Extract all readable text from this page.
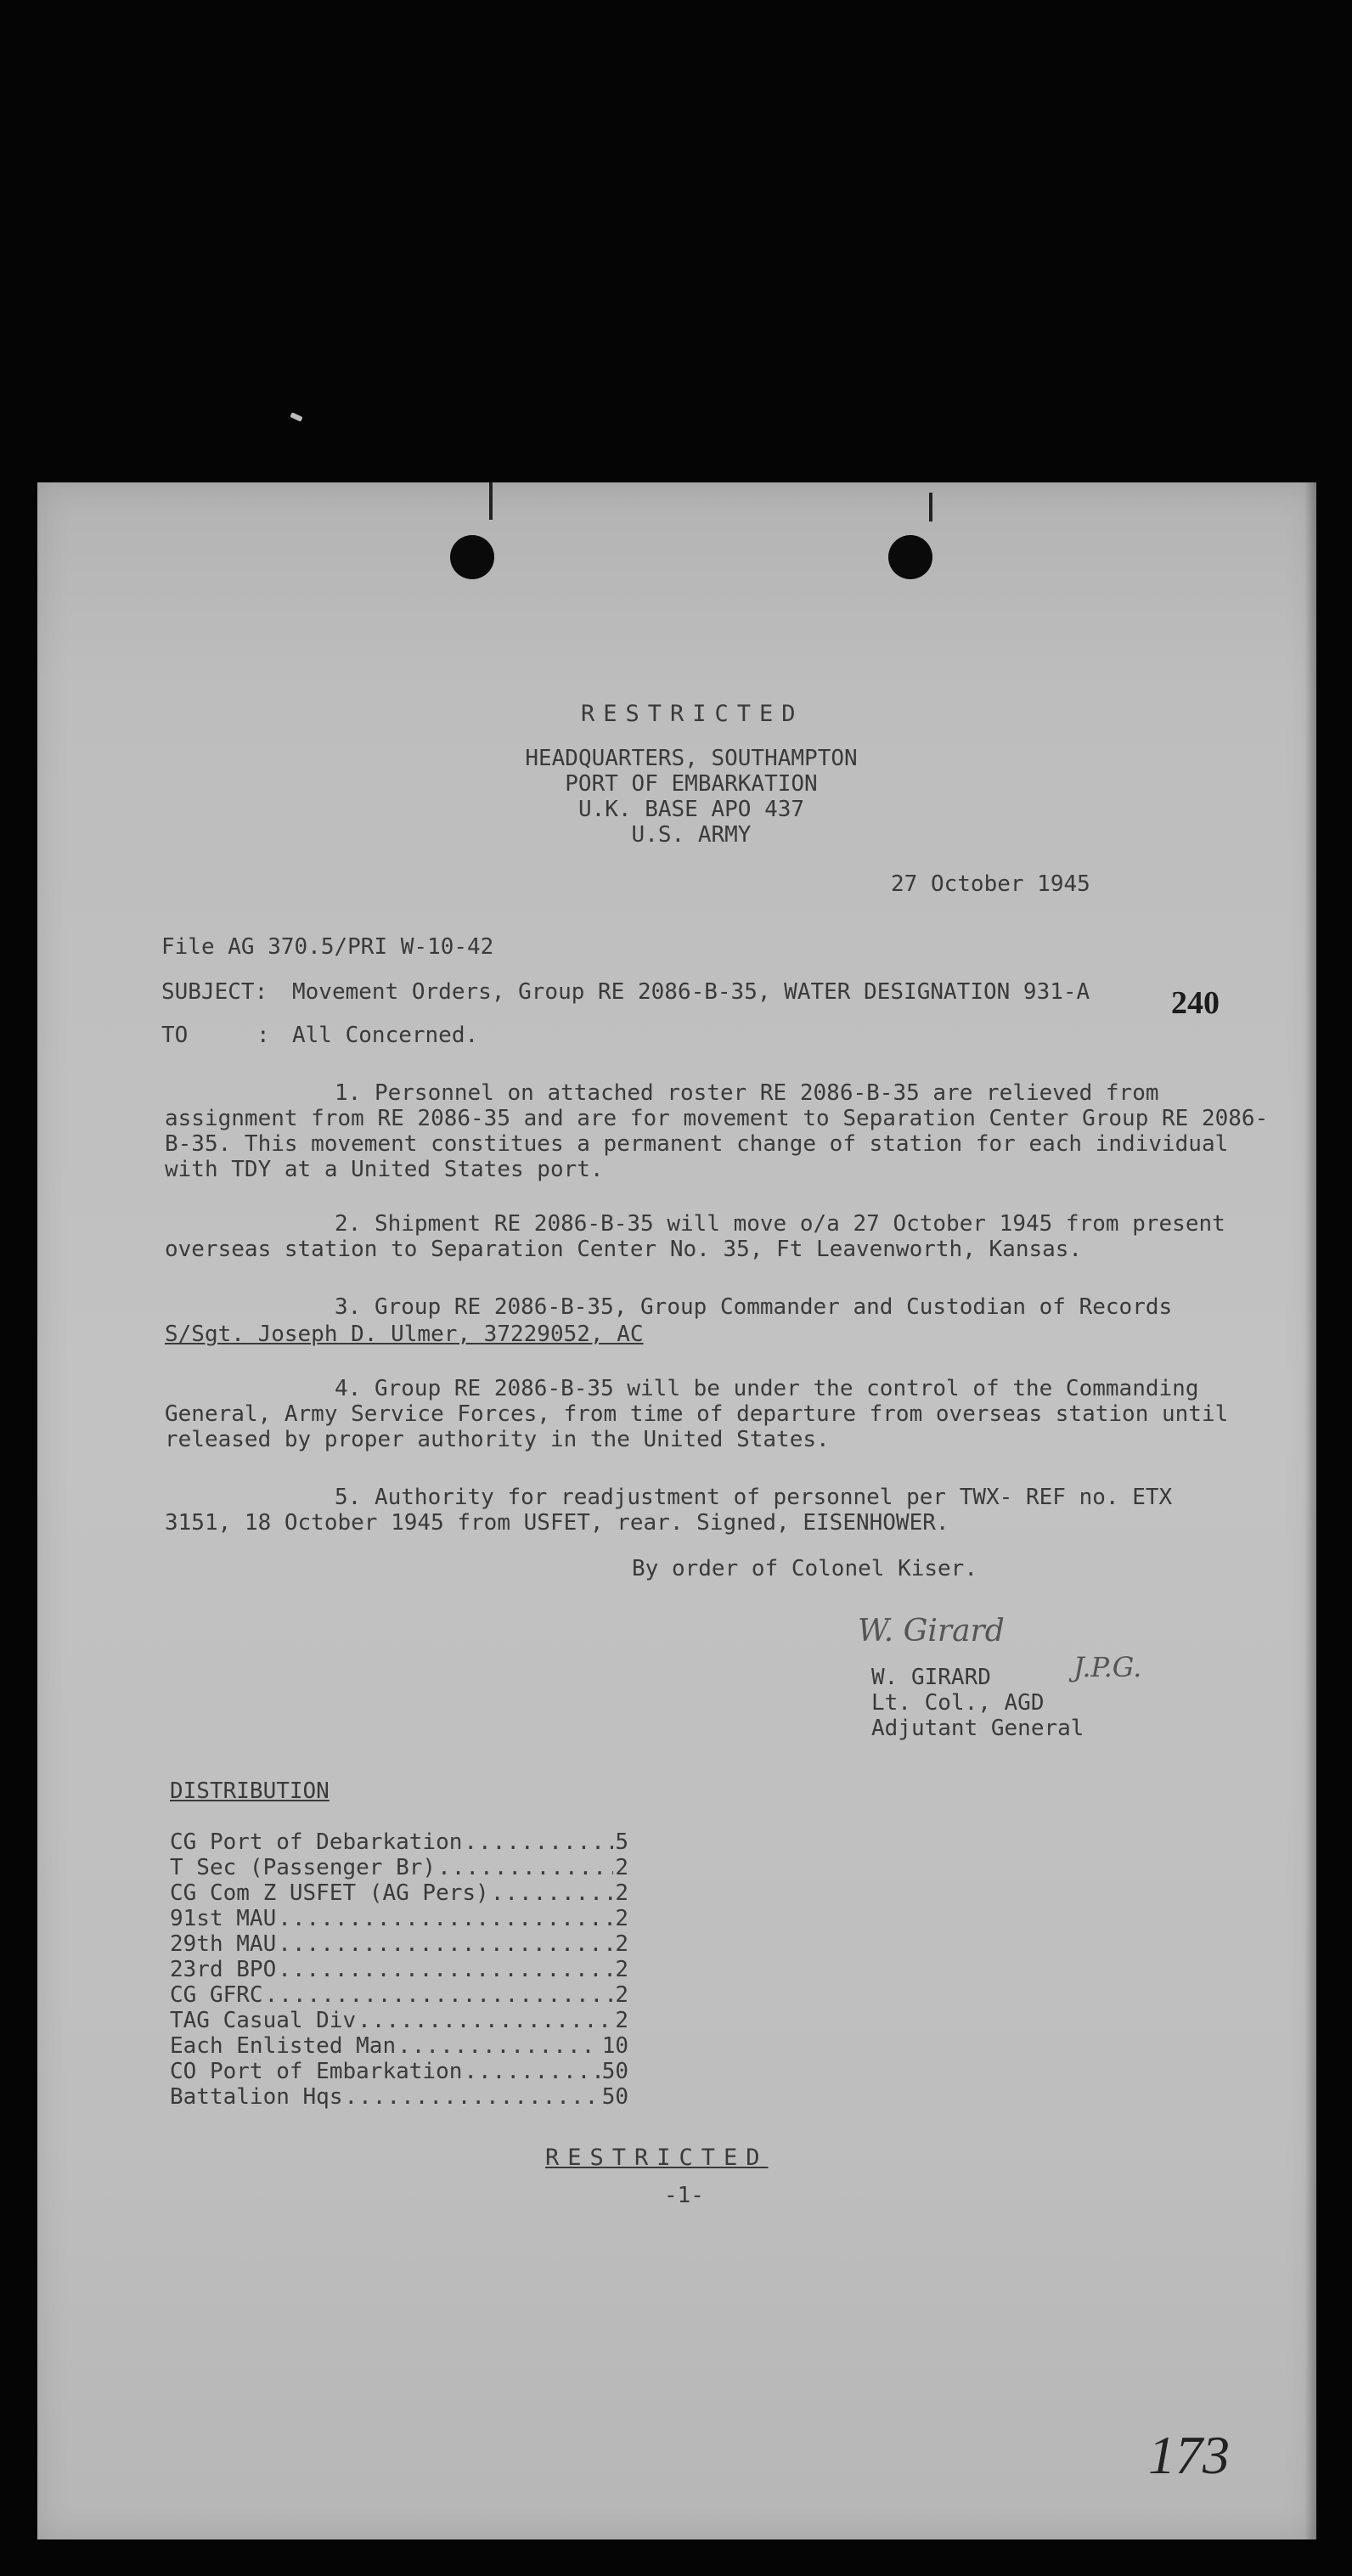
RESTRICTED
HEADQUARTERS, SOUTHAMPTON
PORT OF EMBARKATION
U.K. BASE APO 437
U.S. ARMY
27 October 1945
File AG 370.5/PRI W-10-42
SUBJECT: Movement Orders, Group RE 2086-B-35, WATER DESIGNATION 931-A	240
TO	: All Concerned.
1. Personnel on attached roster RE 2086-B-35 are relieved from
assignment from RE 2086-35 and are for movement to Separation Center Group RE 2086-
B-35. This movement constitues a permanent change of station for each individual
with TDY at a United States port.
2. Shipment RE 2086-B-35 will move o/a 27 October 1945 from present
overseas station to Separation Center No. 35, Ft Leavenworth, Kansas.
3. Group RE 2086-B-35, Group Commander and Custodian of Records
S/Sgt. Joseph D. Ulmer, 37229052, AC
4. Group RE 2086-B-35 will be under the control of the Commanding
General, Army Service Forces, from time of departure from overseas station until
released by proper authority in the United States.
5. Authority for readjustment of personnel per TWX- REF no. ETX
3151, 18 October 1945 from USFET, rear. Signed, EISENHOWER.
By order of Colonel Kiser.
W. Girard
J.P.G.
W. GIRARD
Lt. Col., AGD
Adjutant General
DISTRIBUTION
CG Port of Debarkation .....	5
T Sec (Passenger Br) .....	2
CG Com Z USFET (AG Pers) .....	2
91st MAU .....	2
29th MAU .....	2
23rd BPO .....	2
CG GFRC .....	2
TAG Casual Div .....	2
Each Enlisted Man .....	10
CO Port of Embarkation .....	50
Battalion Hqs .....	50
RESTRICTED
-1-
173
